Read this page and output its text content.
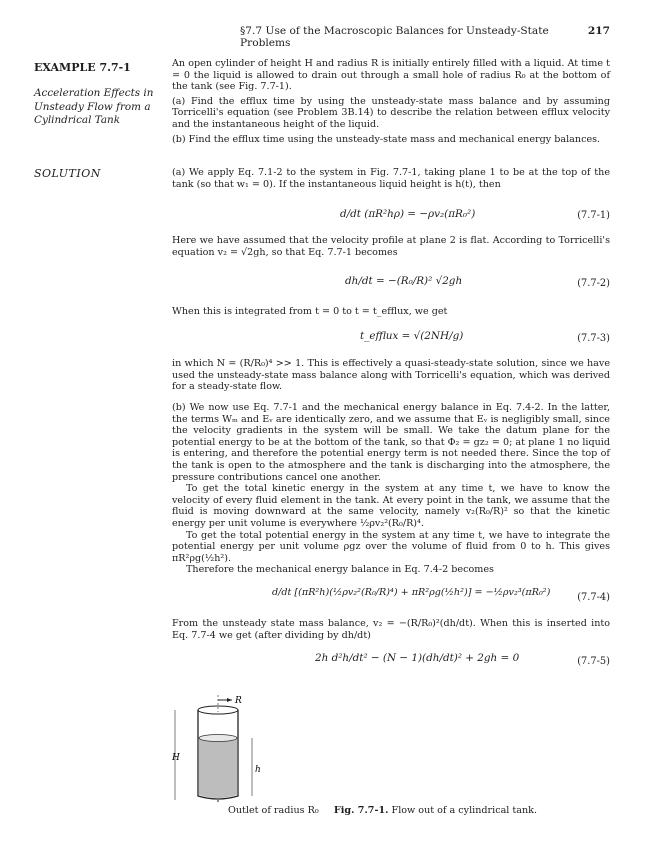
§7.7 Use of the Macroscopic Balances for Unsteady-State Problems
217
EXAMPLE 7.7-1
Acceleration Effects in Unsteady Flow from a Cylindrical Tank

An open cylinder of height H and radius R is initially entirely filled with a liquid. At time t = 0 the liquid is allowed to drain out through a small hole of radius R₀ at the bottom of the tank (see Fig. 7.7-1).

(a) Find the efflux time by using the unsteady-state mass balance and by assuming Torricelli's equation (see Problem 3B.14) to describe the relation between efflux velocity and the instantaneous height of the liquid.

(b) Find the efflux time using the unsteady-state mass and mechanical energy balances.

SOLUTION	(a) We apply Eq. 7.1-2 to the system in Fig. 7.7-1, taking plane 1 to be at the top of the tank (so that w₁ = 0). If the instantaneous liquid height is h(t), then

d/dt (πR²hρ) = −ρv₂(πR₀²)	(7.7-1)

Here we have assumed that the velocity profile at plane 2 is flat. According to Torricelli's equation v₂ = √2gh, so that Eq. 7.7-1 becomes

dh/dt = −(R₀/R)² √2gh	(7.7-2)

When this is integrated from t = 0 to t = t_efflux, we get

t_efflux = √(2NH/g)	(7.7-3)

in which N = (R/R₀)⁴ >> 1. This is effectively a quasi-steady-state solution, since we have used the unsteady-state mass balance along with Torricelli's equation, which was derived for a steady-state flow.

(b) We now use Eq. 7.7-1 and the mechanical energy balance in Eq. 7.4-2. In the latter, the terms Wₘ and Eᵥ are identically zero, and we assume that Eᵥ is negligibly small, since the velocity gradients in the system will be small. We take the datum plane for the potential energy to be at the bottom of the tank, so that Φ₂ = gz₂ = 0; at plane 1 no liquid is entering, and therefore the potential energy term is not needed there. Since the top of the tank is open to the atmosphere and the tank is discharging into the atmosphere, the pressure contributions cancel one another.

To get the total kinetic energy in the system at any time t, we have to know the velocity of every fluid element in the tank. At every point in the tank, we assume that the fluid is moving downward at the same velocity, namely v₂(R₀/R)² so that the kinetic energy per unit volume is everywhere ½ρv₂²(R₀/R)⁴.

To get the total potential energy in the system at any time t, we have to integrate the potential energy per unit volume ρgz over the volume of fluid from 0 to h. This gives πR²ρg(½h²).

Therefore the mechanical energy balance in Eq. 7.4-2 becomes

d/dt [(πR²h)(½ρv₂²(R₀/R)⁴) + πR²ρg(½h²)] = −½ρv₂³(πR₀²)	(7.7-4)

From the unsteady state mass balance, v₂ = −(R/R₀)²(dh/dt). When this is inserted into Eq. 7.7-4 we get (after dividing by dh/dt)

2h d²h/dt² − (N − 1)(dh/dt)² + 2gh = 0	(7.7-5)
R
H
h
Outlet of radius R₀ Fig. 7.7-1. Flow out of a cylindrical tank.
